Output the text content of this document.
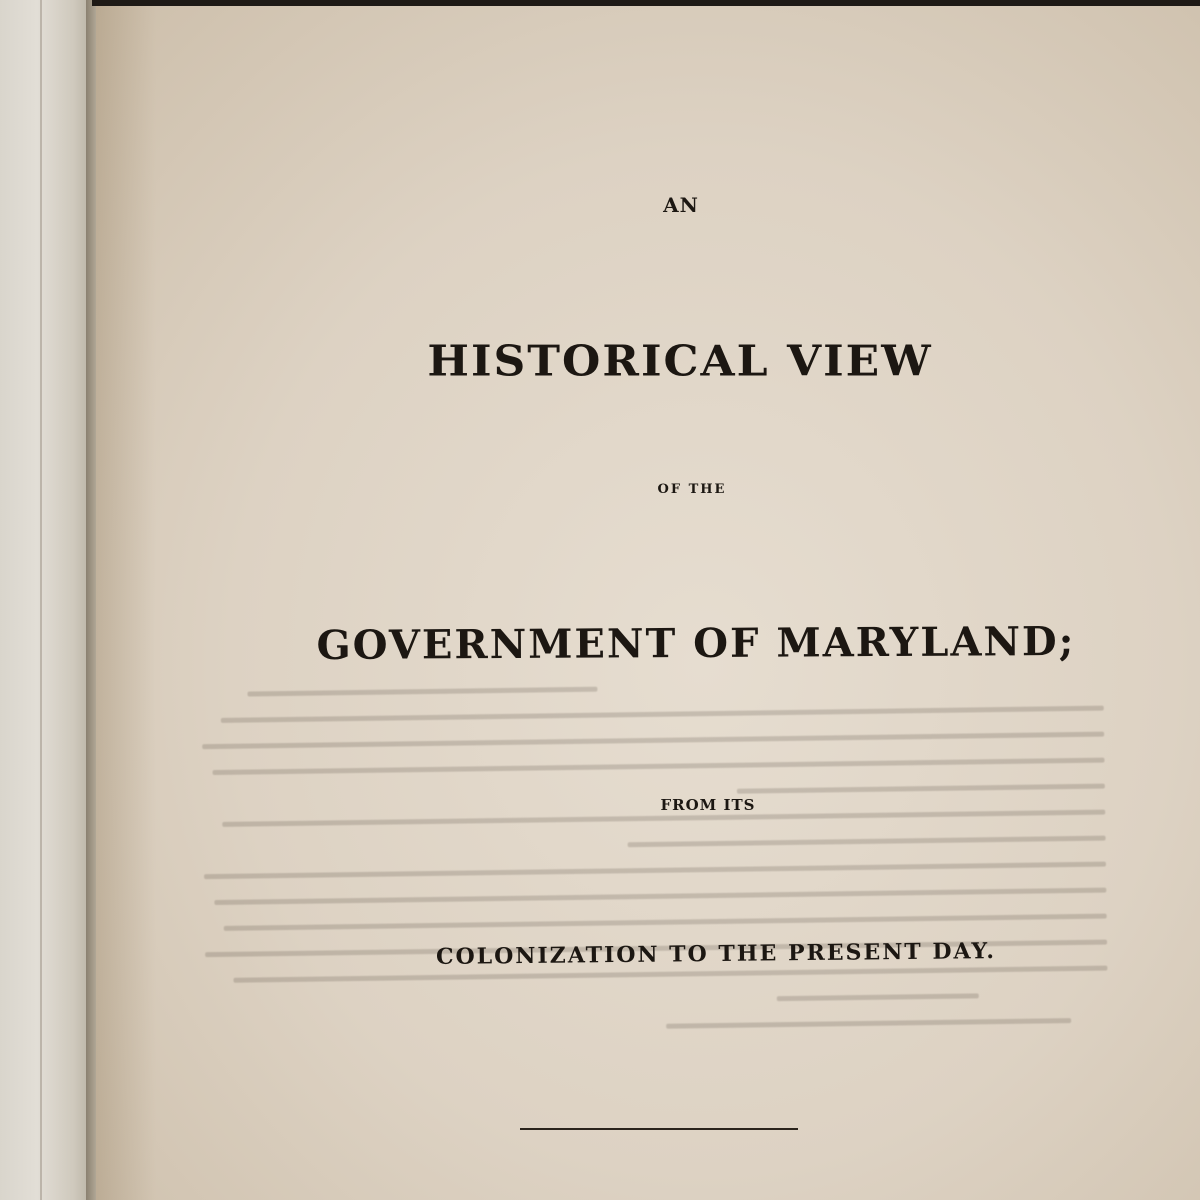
AN
HISTORICAL VIEW
OF THE
GOVERNMENT OF MARYLAND;
FROM ITS
COLONIZATION TO THE PRESENT DAY.
